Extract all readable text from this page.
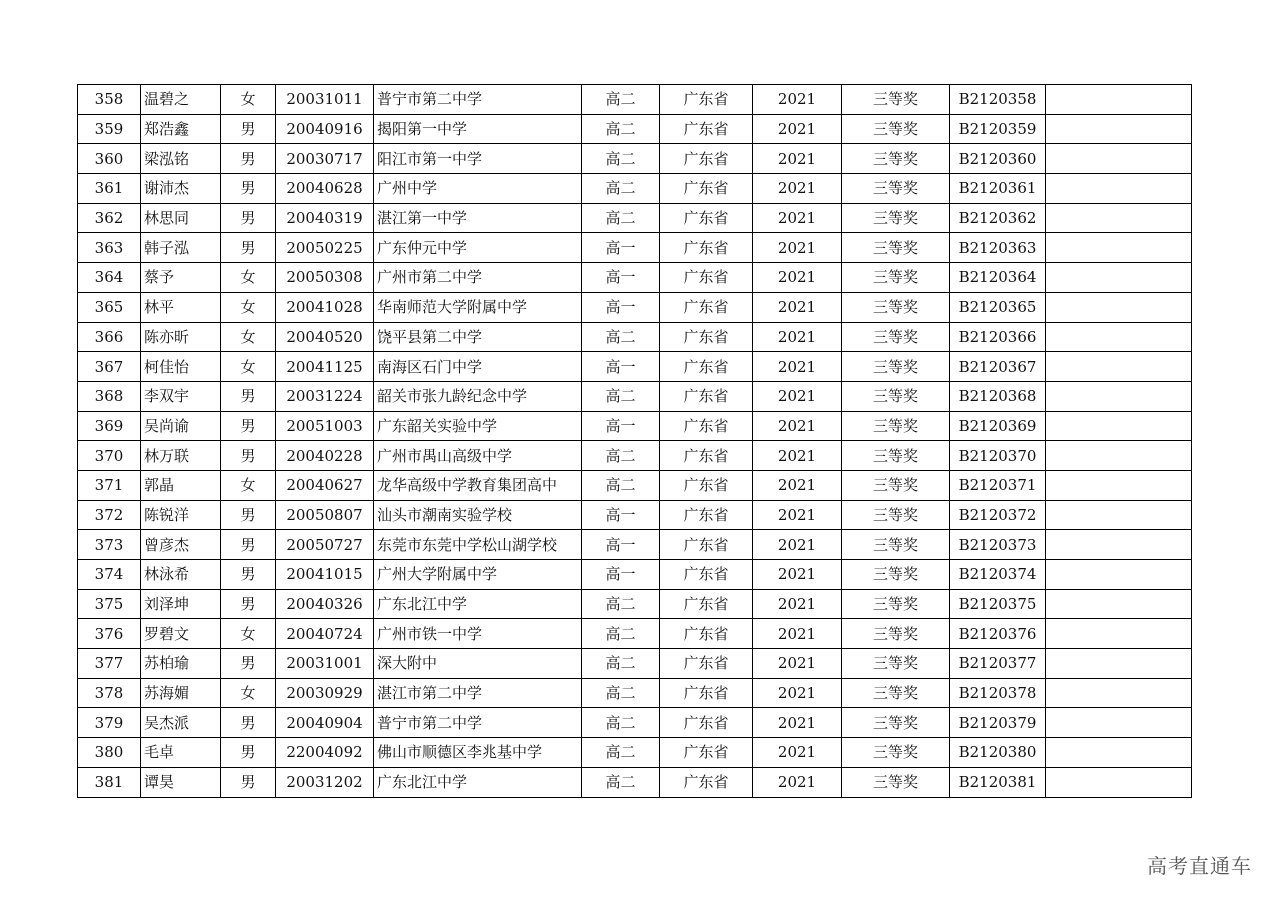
358	温碧之	女	20031011	普宁市第二中学	高二	广东省	2021	三等奖	B2120358	
359	郑浩鑫	男	20040916	揭阳第一中学	高二	广东省	2021	三等奖	B2120359	
360	梁泓铭	男	20030717	阳江市第一中学	高二	广东省	2021	三等奖	B2120360	
361	谢沛杰	男	20040628	广州中学	高二	广东省	2021	三等奖	B2120361	
362	林思同	男	20040319	湛江第一中学	高二	广东省	2021	三等奖	B2120362	
363	韩子泓	男	20050225	广东仲元中学	高一	广东省	2021	三等奖	B2120363	
364	蔡予	女	20050308	广州市第二中学	高一	广东省	2021	三等奖	B2120364	
365	林平	女	20041028	华南师范大学附属中学	高一	广东省	2021	三等奖	B2120365	
366	陈亦昕	女	20040520	饶平县第二中学	高二	广东省	2021	三等奖	B2120366	
367	柯佳怡	女	20041125	南海区石门中学	高一	广东省	2021	三等奖	B2120367	
368	李双宇	男	20031224	韶关市张九龄纪念中学	高二	广东省	2021	三等奖	B2120368	
369	吴尚谕	男	20051003	广东韶关实验中学	高一	广东省	2021	三等奖	B2120369	
370	林万联	男	20040228	广州市禺山高级中学	高二	广东省	2021	三等奖	B2120370	
371	郭晶	女	20040627	龙华高级中学教育集团高中	高二	广东省	2021	三等奖	B2120371	
372	陈锐洋	男	20050807	汕头市潮南实验学校	高一	广东省	2021	三等奖	B2120372	
373	曾彦杰	男	20050727	东莞市东莞中学松山湖学校	高一	广东省	2021	三等奖	B2120373	
374	林泳希	男	20041015	广州大学附属中学	高一	广东省	2021	三等奖	B2120374	
375	刘泽坤	男	20040326	广东北江中学	高二	广东省	2021	三等奖	B2120375	
376	罗碧文	女	20040724	广州市铁一中学	高二	广东省	2021	三等奖	B2120376	
377	苏柏瑜	男	20031001	深大附中	高二	广东省	2021	三等奖	B2120377	
378	苏海媚	女	20030929	湛江市第二中学	高二	广东省	2021	三等奖	B2120378	
379	吴杰派	男	20040904	普宁市第二中学	高二	广东省	2021	三等奖	B2120379	
380	毛卓	男	22004092	佛山市顺德区李兆基中学	高二	广东省	2021	三等奖	B2120380	
381	谭昊	男	20031202	广东北江中学	高二	广东省	2021	三等奖	B2120381	
高考直通车
